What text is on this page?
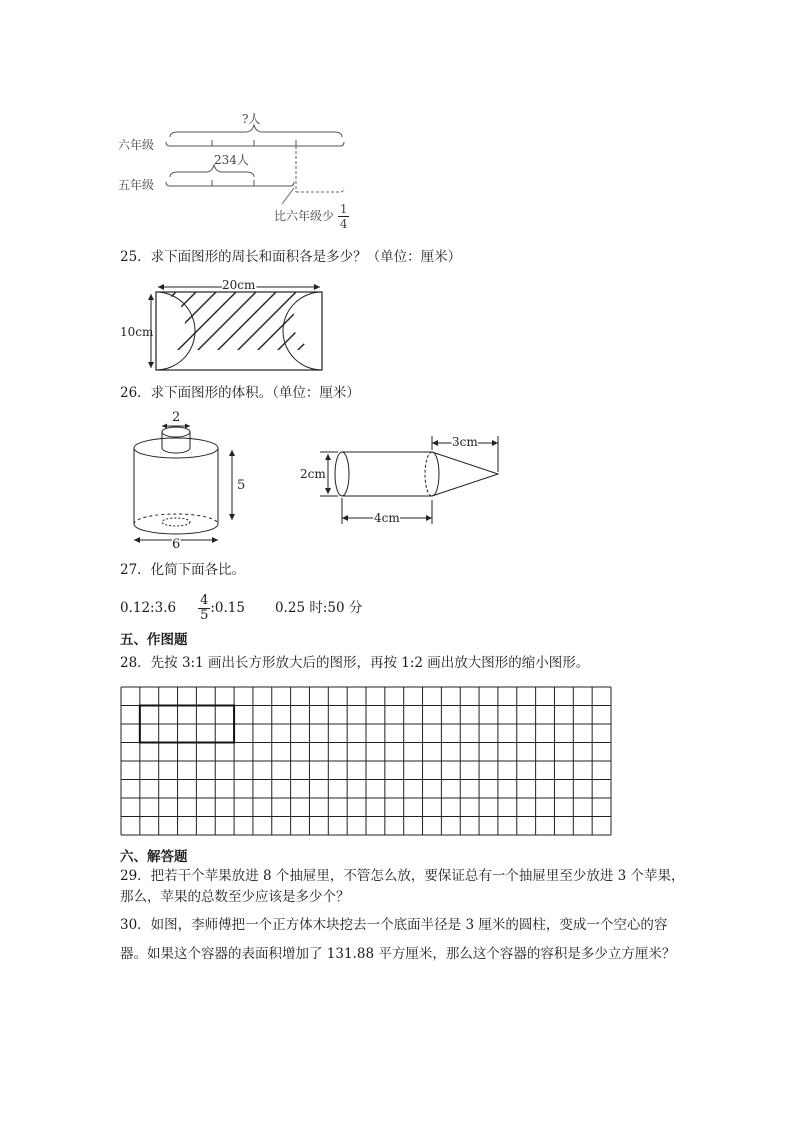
六年级
五年级
?人
234人
比六年级少 $\frac{1}{4}$
25．求下面图形的周长和面积各是多少？（单位：厘米）
20cm
10cm
26．求下面图形的体积。（单位：厘米）
2
5
6
3cm
2cm
4cm
27．化简下面各比。
0.12:3.6 $\frac{4}{5}$ :0.15 0.25 时:50 分
五、作图题
28．先按 3:1 画出长方形放大后的图形，再按 1:2 画出放大图形的缩小图形。
六、解答题
29．把若干个苹果放进 8 个抽屉里，不管怎么放，要保证总有一个抽屉里至少放进 3 个苹果，
那么，苹果的总数至少应该是多少个？
30．如图，李师傅把一个正方体木块挖去一个底面半径是 3 厘米的圆柱，变成一个空心的容
器。如果这个容器的表面积增加了 131.88 平方厘米，那么这个容器的容积是多少立方厘米？
